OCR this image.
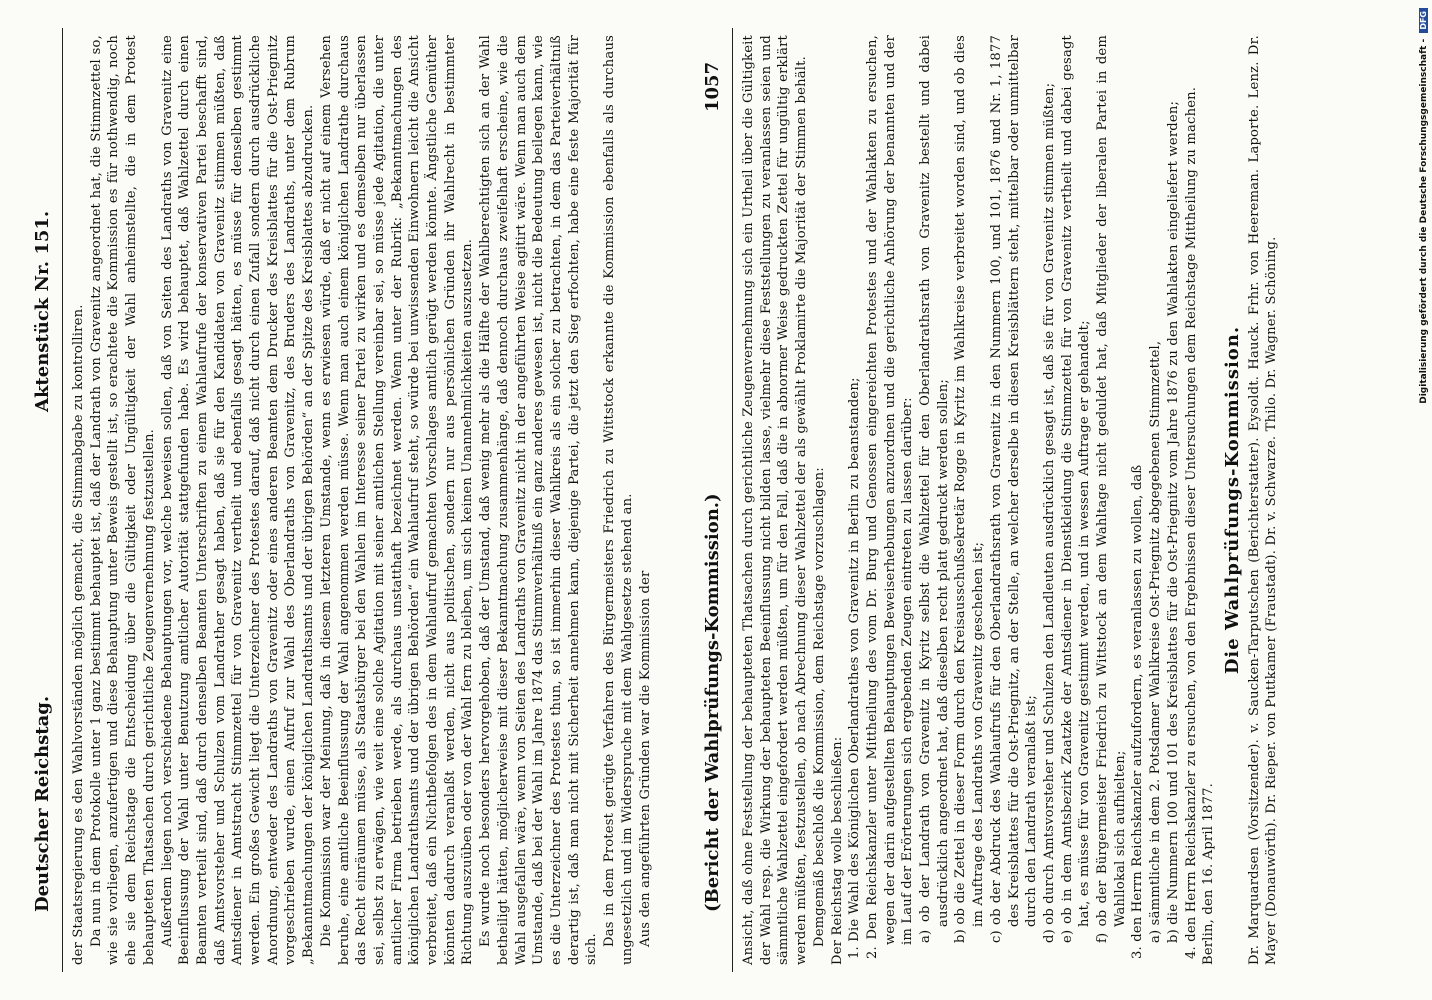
Deutscher Reichstag.
Aktenstück Nr. 151. der Staatsregierung es den Wahlvorständen möglich gemacht, die Stimmabgabe zu kontrolliren. Da nun in dem Protokolle unter 1 ganz bestimmt behauptet ist, daß der Landrath von Gravenitz angeordnet hat, die Stimmzettel so, wie sie vorliegen, anzufertigen und diese Behauptung unter Beweis gestellt ist, so erachtete die Kommission es für nothwendig, noch ehe sie dem Reichstage die Entscheidung über die Gültigkeit oder Ungültigkeit der Wahl anheimstellte, die in dem Protest behaupteten Thatsachen durch gerichtliche Zeugenvernehmung festzustellen. Außerdem liegen noch verschiedene Behauptungen vor, welche beweisen sollen, daß von Seiten des Landraths von Gravenitz eine Beeinflussung der Wahl unter Benutzung amtlicher Autorität stattgefunden habe. Es wird behauptet, daß Wahlzettel durch einen Beamten verteilt sind, daß durch denselben Beamten Unterschriften zu einem Wahlaufrufe der konservativen Partei beschafft sind, daß Amtsvorsteher und Schulzen vom Landrather gesagt haben, daß sie für den Kandidaten von Gravenitz stimmen müßten, daß Amtsdiener in Amtstracht Stimmzettel für von Gravenitz vertheilt und ebenfalls gesagt hätten, es müsse für denselben gestimmt werden. Ein großes Gewicht liegt die Unterzeichner des Protestes darauf, daß nicht durch einen Zufall sondern durch ausdrückliche Anordnung, entweder des Landraths von Gravenitz oder eines anderen Beamten dem Drucker des Kreisblattes für die Ost-Priegnitz vorgeschrieben wurde, einen Aufruf zur Wahl des Oberlandraths von Gravenitz, des Bruders des Landraths, unter dem Rubrum „Bekanntmachungen der königlichen Landrathsamts und der übrigen Behörden“ an der Spitze des Kreisblattes abzudrucken. Die Kommission war der Meinung, daß in diesem letzteren Umstande, wenn es erwiesen würde, daß er nicht auf einem Versehen beruhe, eine amtliche Beeinflussung der Wahl angenommen werden müsse. Wenn man auch einem königlichen Landrathe durchaus das Recht einräumen müsse, als Staatsbürger bei den Wahlen im Interesse seiner Partei zu wirken und es demselben nur überlassen sei, selbst zu erwägen, wie weit eine solche Agitation mit seiner amtlichen Stellung vereinbar sei, so müsse jede Agitation, die unter amtlicher Firma betrieben werde, als durchaus unstatthaft bezeichnet werden. Wenn unter der Rubrik: „Bekanntmachungen des königlichen Landrathsamts und der übrigen Behörden“ ein Wahlaufruf steht, so würde bei unwissenden Einwohnern leicht die Ansicht verbreitet, daß ein Nichtbefolgen des in dem Wahlaufruf gemachten Vorschlages amtlich gerügt werden könnte. Ängstliche Gemüther könnten dadurch veranlaßt werden, nicht aus politischen, sondern nur aus persönlichen Gründen ihr Wahlrecht in bestimmter Richtung auszuüben oder von der Wahl fern zu bleiben, um sich keinen Unannehmlichkeiten auszusetzen. Es wurde noch besonders hervorgehoben, daß der Umstand, daß wenig mehr als die Hälfte der Wahlberechtigten sich an der Wahl betheiligt hätten, möglicherweise mit dieser Bekanntmachung zusammenhänge, daß dennoch durchaus zweifelhaft erscheine, wie die Wahl ausgefallen wäre, wenn von Seiten des Landraths von Gravenitz nicht in der angeführten Weise agitirt wäre. Wenn man auch dem Umstande, daß bei der Wahl im Jahre 1874 das Stimmverhältniß ein ganz anderes gewesen ist, nicht die Bedeutung beilegen kann, wie es die Unterzeichner des Protestes thun, so ist immerhin dieser Wahlkreis als ein solcher zu betrachten, in dem das Parteiverhältniß derartig ist, daß man nicht mit Sicherheit annehmen kann, diejenige Partei, die jetzt den Sieg erfochten, habe eine feste Majorität für sich.

Das in dem Protest gerügte Verfahren des Bürgermeisters Friedrich zu Wittstock erkannte die Kommission ebenfalls als durchaus ungesetzlich und im Widerspruche mit dem Wahlgesetze stehend an. Aus den angeführten Gründen war die Kommission der	(Bericht der Wahlprüfungs-Kommission.)
1057 Ansicht, daß ohne Feststellung der behaupteten Thatsachen durch gerichtliche Zeugenvernehmung sich ein Urtheil über die Gültigkeit der Wahl resp. die Wirkung der behaupteten Beeinflussung nicht bilden lasse, vielmehr diese Feststellungen zu veranlassen seien und sämmtliche Wahlzettel eingefordert werden müßten, um für den Fall, daß die in abnormer Weise gedruckten Zettel für ungültig erklärt werden müßten, festzustellen, ob nach Abrechnung dieser Wahlzettel der als gewählt Proklamirte die Majorität der Stimmen behält. Demgemäß beschloß die Kommission, dem Reichstage vorzuschlagen: Der Reichstag wolle beschließen: 1. Die Wahl des Königlichen Oberlandrathes von Gravenitz in Berlin zu beanstanden; 2. Den Reichskanzler unter Mittheilung des vom Dr. Burg und Genossen eingereichten Protestes und der Wahlakten zu ersuchen, wegen der darin aufgestellten Behauptungen Beweiserhebungen anzuordnen und die gerichtliche Anhörung der benannten und der im Lauf der Erörterungen sich ergebenden Zeugen eintreten zu lassen darüber: a) ob der Landrath von Gravenitz in Kyritz selbst die Wahlzettel für den Oberlandrathsrath von Gravenitz bestellt und dabei ausdrücklich angeordnet hat, daß dieselben recht platt gedruckt werden sollen; b) ob die Zettel in dieser Form durch den Kreisausschußsekretär Rogge in Kyritz im Wahlkreise verbreitet worden sind, und ob dies im Auftrage des Landraths von Gravenitz geschehen ist; c) ob der Abdruck des Wahlaufrufs für den Oberlandrathsrath von Gravenitz in den Nummern 100, und 101, 1876 und Nr. 1, 1877 des Kreisblattes für die Ost-Priegnitz, an der Stelle, an welcher derselbe in diesen Kreisblättern steht, mittelbar oder unmittelbar durch den Landrath veranlaßt ist; d) ob durch Amtsvorsteher und Schulzen den Landleuten ausdrücklich gesagt ist, daß sie für von Gravenitz stimmen müßten; e) ob in dem Amtsbezirk Zaatzke der Amtsdiener in Dienstkleidung die Stimmzettel für von Gravenitz vertheilt und dabei gesagt hat, es müsse für von Gravenitz gestimmt werden, und in wessen Auftrage er gehandelt; f) ob der Bürgermeister Friedrich zu Wittstock an dem Wahltage nicht geduldet hat, daß Mitglieder der liberalen Partei in dem Wahllokal sich aufhielten; 3. den Herrn Reichskanzler aufzufordern, es veranlassen zu wollen, daß a) sämmtliche in dem 2. Potsdamer Wahlkreise Ost-Priegnitz abgegebenen Stimmzettel, b) die Nummern 100 und 101 des Kreisblattes für die Ost-Priegnitz vom Jahre 1876 zu den Wahlakten eingeliefert werden; 4. den Herrn Reichskanzler zu ersuchen, von den Ergebnissen dieser Untersuchungen dem Reichstage Mittheilung zu machen. Berlin, den 16. April 1877.

Die Wahlprüfungs-Kommission. Dr. Marquardsen (Vorsitzender). v. Saucken-Tarputschen (Berichterstatter). Eysoldt. Hauck. Frhr. von Heereman. Laporte. Lenz. Dr. Mayer (Donauwörth). Dr. Rieper. von Puttkamer (Fraustadt). Dr. v. Schwarze. Thilo. Dr. Wagner. Schöning.

Digitalisierung gefördert durch die Deutsche Forschungsgemeinschaft - DFG
